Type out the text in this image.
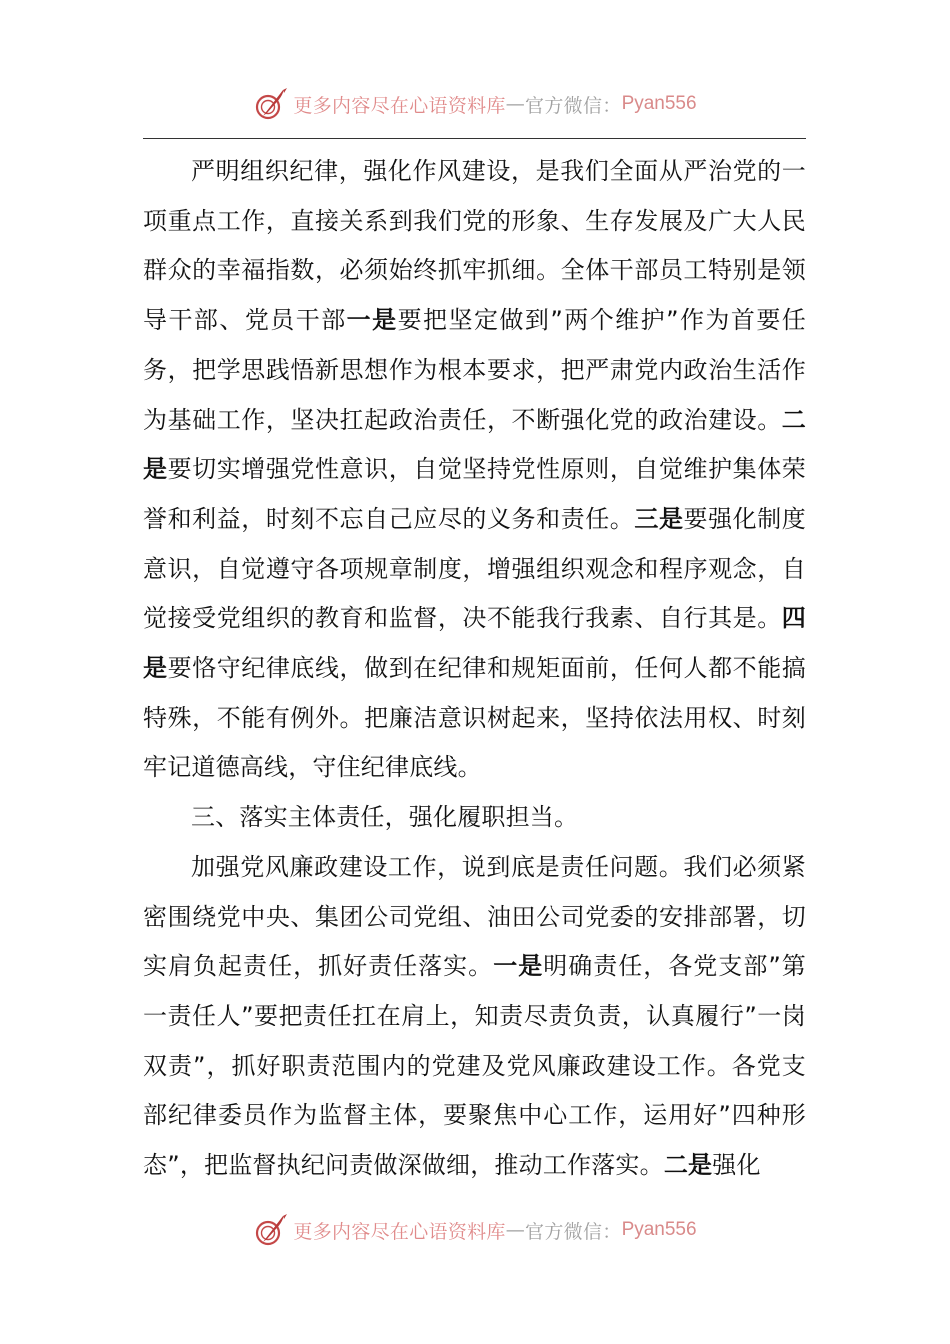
更多内容尽在心语资料库 — 官方微信： Pyan556

严明组织纪律，强化作风建设，是我们全面从严治党的一项重点工作，直接关系到我们党的形象、生存发展及广大人民群众的幸福指数，必须始终抓牢抓细。全体干部员工特别是领导干部、党员干部一是要把坚定做到”两个维护”作为首要任务，把学思践悟新思想作为根本要求，把严肃党内政治生活作为基础工作，坚决扛起政治责任，不断强化党的政治建设。二是要切实增强党性意识，自觉坚持党性原则，自觉维护集体荣誉和利益，时刻不忘自己应尽的义务和责任。三是要强化制度意识，自觉遵守各项规章制度，增强组织观念和程序观念，自觉接受党组织的教育和监督，决不能我行我素、自行其是。四是要恪守纪律底线，做到在纪律和规矩面前，任何人都不能搞特殊，不能有例外。把廉洁意识树起来，坚持依法用权、时刻牢记道德高线，守住纪律底线。

三、落实主体责任，强化履职担当。

加强党风廉政建设工作，说到底是责任问题。我们必须紧密围绕党中央、集团公司党组、油田公司党委的安排部署，切实肩负起责任，抓好责任落实。一是明确责任，各党支部”第一责任人”要把责任扛在肩上，知责尽责负责，认真履行”一岗双责”，抓好职责范围内的党建及党风廉政建设工作。各党支部纪律委员作为监督主体，要聚焦中心工作，运用好”四种形态”，把监督执纪问责做深做细，推动工作落实。二是强化

更多内容尽在心语资料库 — 官方微信： Pyan556
